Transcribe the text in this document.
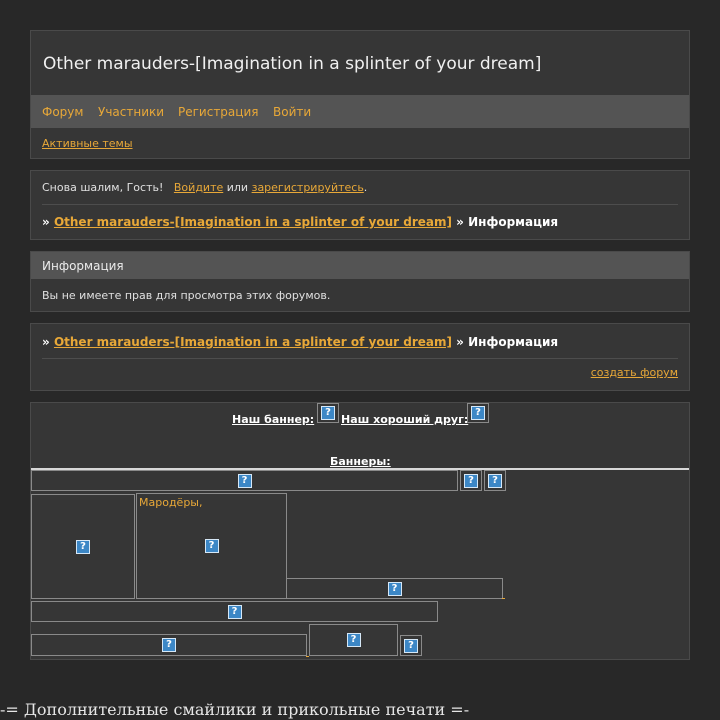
Other marauders-[Imagination in a splinter of your dream]
Форум Участники Регистрация Войти
Активные темы
Снова шалим, Гость! Войдите или зарегистрируйтесь.
» Other marauders-[Imagination in a splinter of your dream] » Информация
Информация
Вы не имеете прав для просмотра этих форумов.
» Other marauders-[Imagination in a splinter of your dream] » Информация
создать форум
Наш баннер:
?
Наш хороший друг:
?
Баннеры:
?	?	?
?
Мародёры,
?
?
?
?	?	?
-= Дополнительные смайлики и прикольные печати =-
